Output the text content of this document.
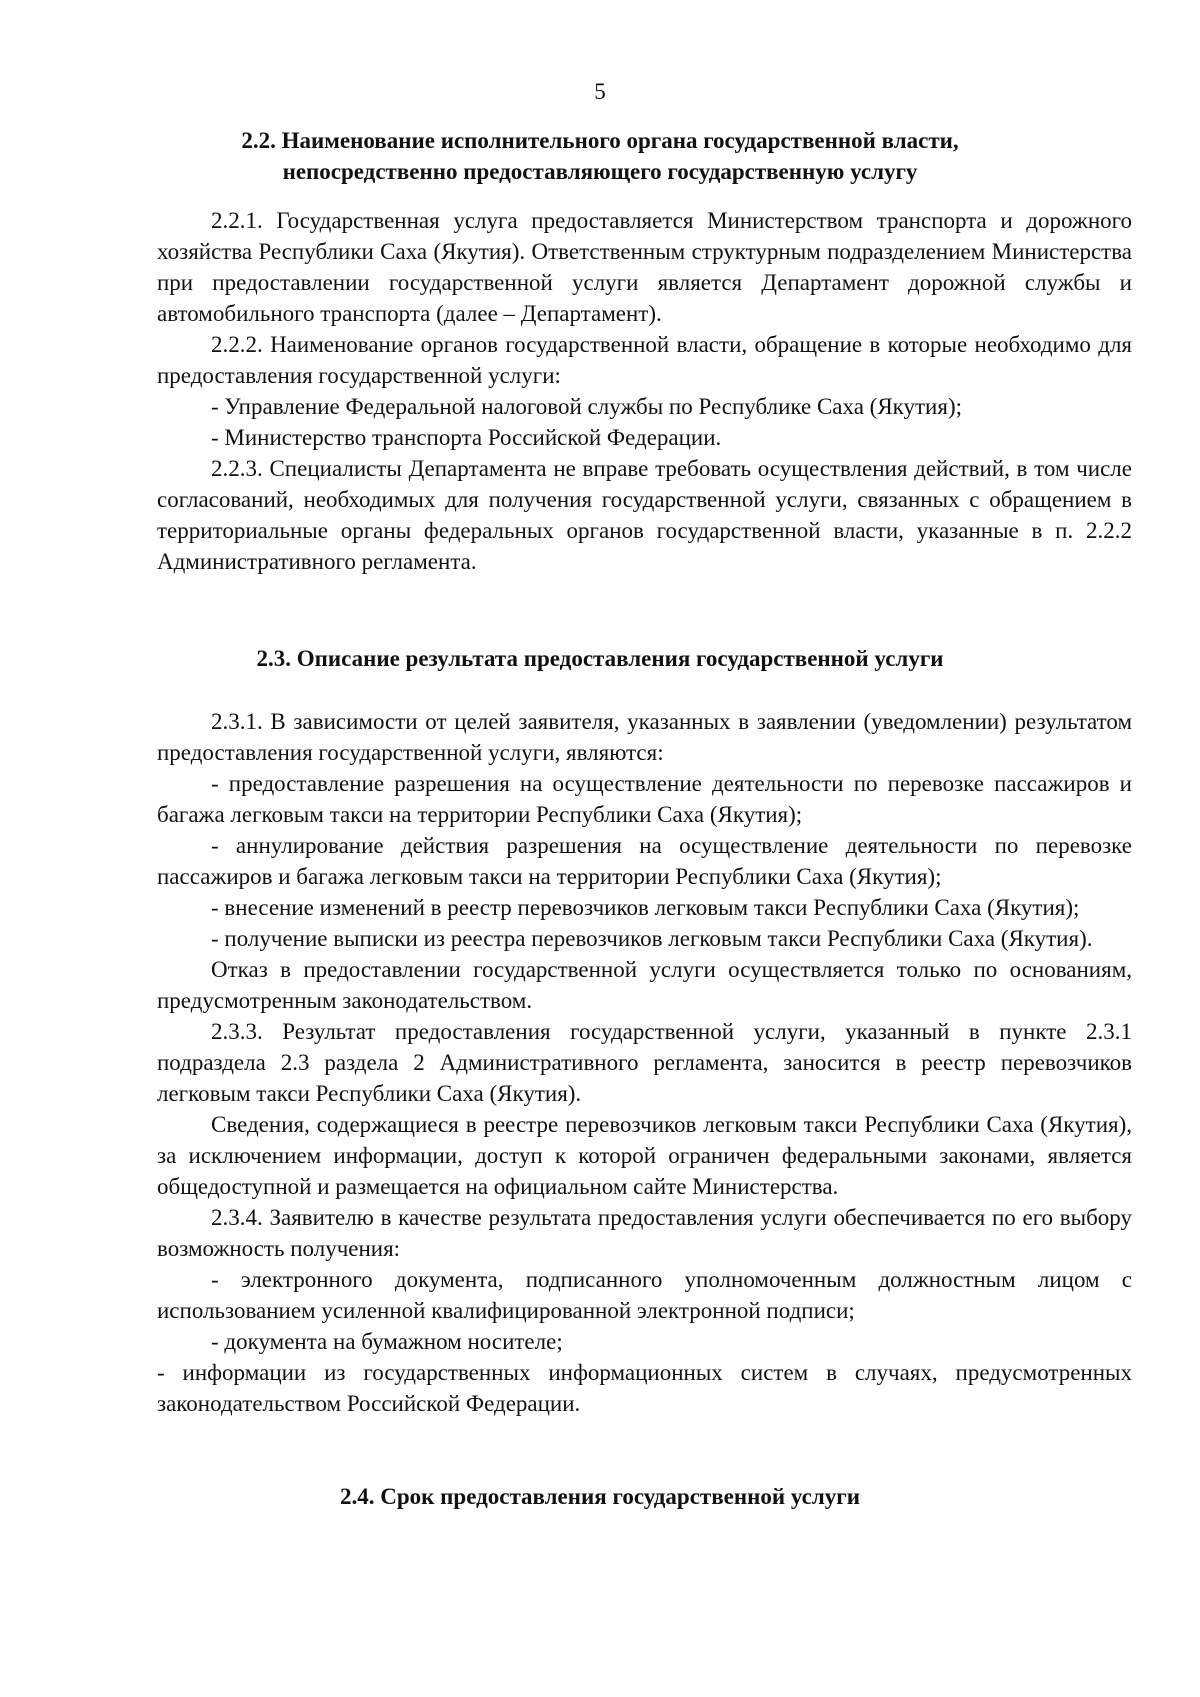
5
2.2. Наименование исполнительного органа государственной власти,
непосредственно предоставляющего государственную услугу

2.2.1. Государственная услуга предоставляется Министерством транспорта и дорожного хозяйства Республики Саха (Якутия). Ответственным структурным подразделением Министерства при предоставлении государственной услуги является Департамент дорожной службы и автомобильного транспорта (далее – Департамент).

2.2.2. Наименование органов государственной власти, обращение в которые необходимо для предоставления государственной услуги:

- Управление Федеральной налоговой службы по Республике Саха (Якутия);

- Министерство транспорта Российской Федерации.

2.2.3. Специалисты Департамента не вправе требовать осуществления действий, в том числе согласований, необходимых для получения государственной услуги, связанных с обращением в территориальные органы федеральных органов государственной власти, указанные в п. 2.2.2 Административного регламента.

2.3. Описание результата предоставления государственной услуги

2.3.1. В зависимости от целей заявителя, указанных в заявлении (уведомлении) результатом предоставления государственной услуги, являются:

- предоставление разрешения на осуществление деятельности по перевозке пассажиров и багажа легковым такси на территории Республики Саха (Якутия);

- аннулирование действия разрешения на осуществление деятельности по перевозке пассажиров и багажа легковым такси на территории Республики Саха (Якутия);

- внесение изменений в реестр перевозчиков легковым такси Республики Саха (Якутия);

- получение выписки из реестра перевозчиков легковым такси Республики Саха (Якутия).

Отказ в предоставлении государственной услуги осуществляется только по основаниям, предусмотренным законодательством.

2.3.3. Результат предоставления государственной услуги, указанный в пункте 2.3.1 подраздела 2.3 раздела 2 Административного регламента, заносится в реестр перевозчиков легковым такси Республики Саха (Якутия).

Сведения, содержащиеся в реестре перевозчиков легковым такси Республики Саха (Якутия), за исключением информации, доступ к которой ограничен федеральными законами, является общедоступной и размещается на официальном сайте Министерства.

2.3.4. Заявителю в качестве результата предоставления услуги обеспечивается по его выбору возможность получения:

- электронного документа, подписанного уполномоченным должностным лицом с использованием усиленной квалифицированной электронной подписи;

- документа на бумажном носителе;

- информации из государственных информационных систем в случаях, предусмотренных законодательством Российской Федерации.

2.4. Срок предоставления государственной услуги
